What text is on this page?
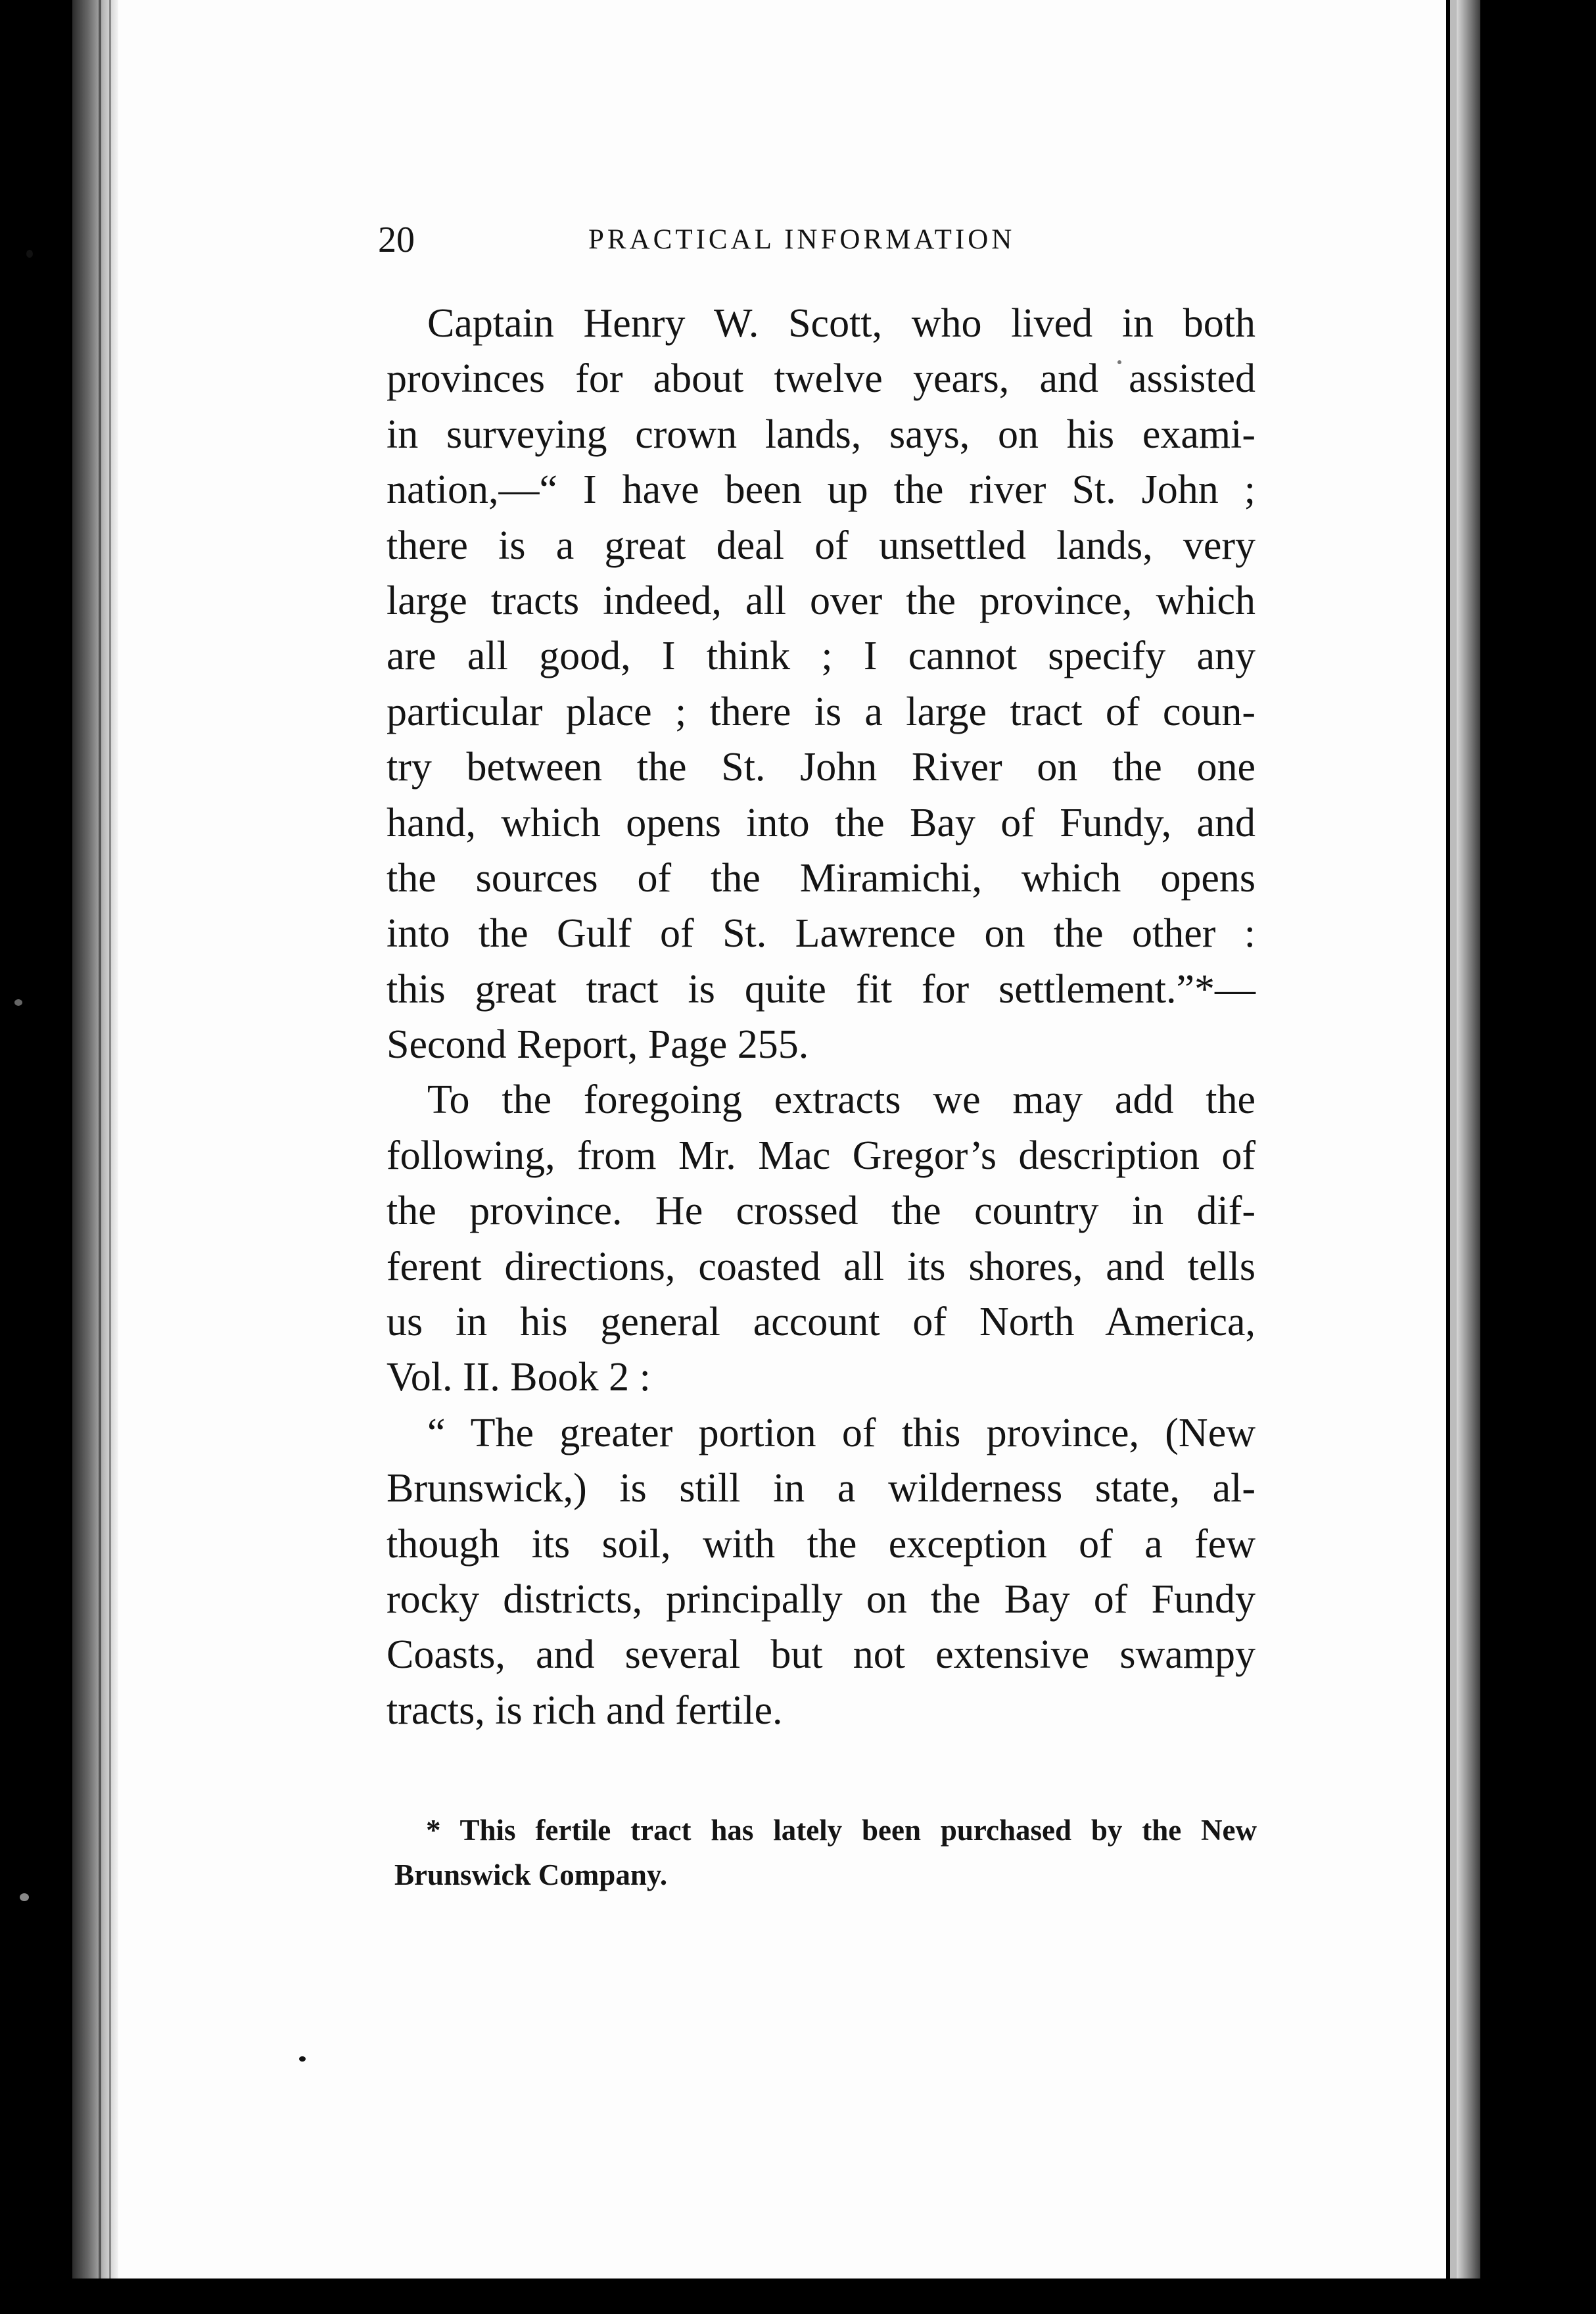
20	PRACTICAL INFORMATION
Captain Henry W. Scott, who lived in both
provinces for about twelve years, and assisted
in surveying crown lands, says, on his exami-
nation,—“ I have been up the river St. John ;
there is a great deal of unsettled lands, very
large tracts indeed, all over the province, which
are all good, I think ; I cannot specify any
particular place ; there is a large tract of coun-
try between the St. John River on the one
hand, which opens into the Bay of Fundy, and
the sources of the Miramichi, which opens
into the Gulf of St. Lawrence on the other :
this great tract is quite fit for settlement.”*—
Second Report, Page 255.
To the foregoing extracts we may add the
following, from Mr. Mac Gregor’s description of
the province. He crossed the country in dif-
ferent directions, coasted all its shores, and tells
us in his general account of North America,
Vol. II. Book 2 :
“ The greater portion of this province, (New
Brunswick,) is still in a wilderness state, al-
though its soil, with the exception of a few
rocky districts, principally on the Bay of Fundy
Coasts, and several but not extensive swampy
tracts, is rich and fertile.
* This fertile tract has lately been purchased by the New
Brunswick Company.
